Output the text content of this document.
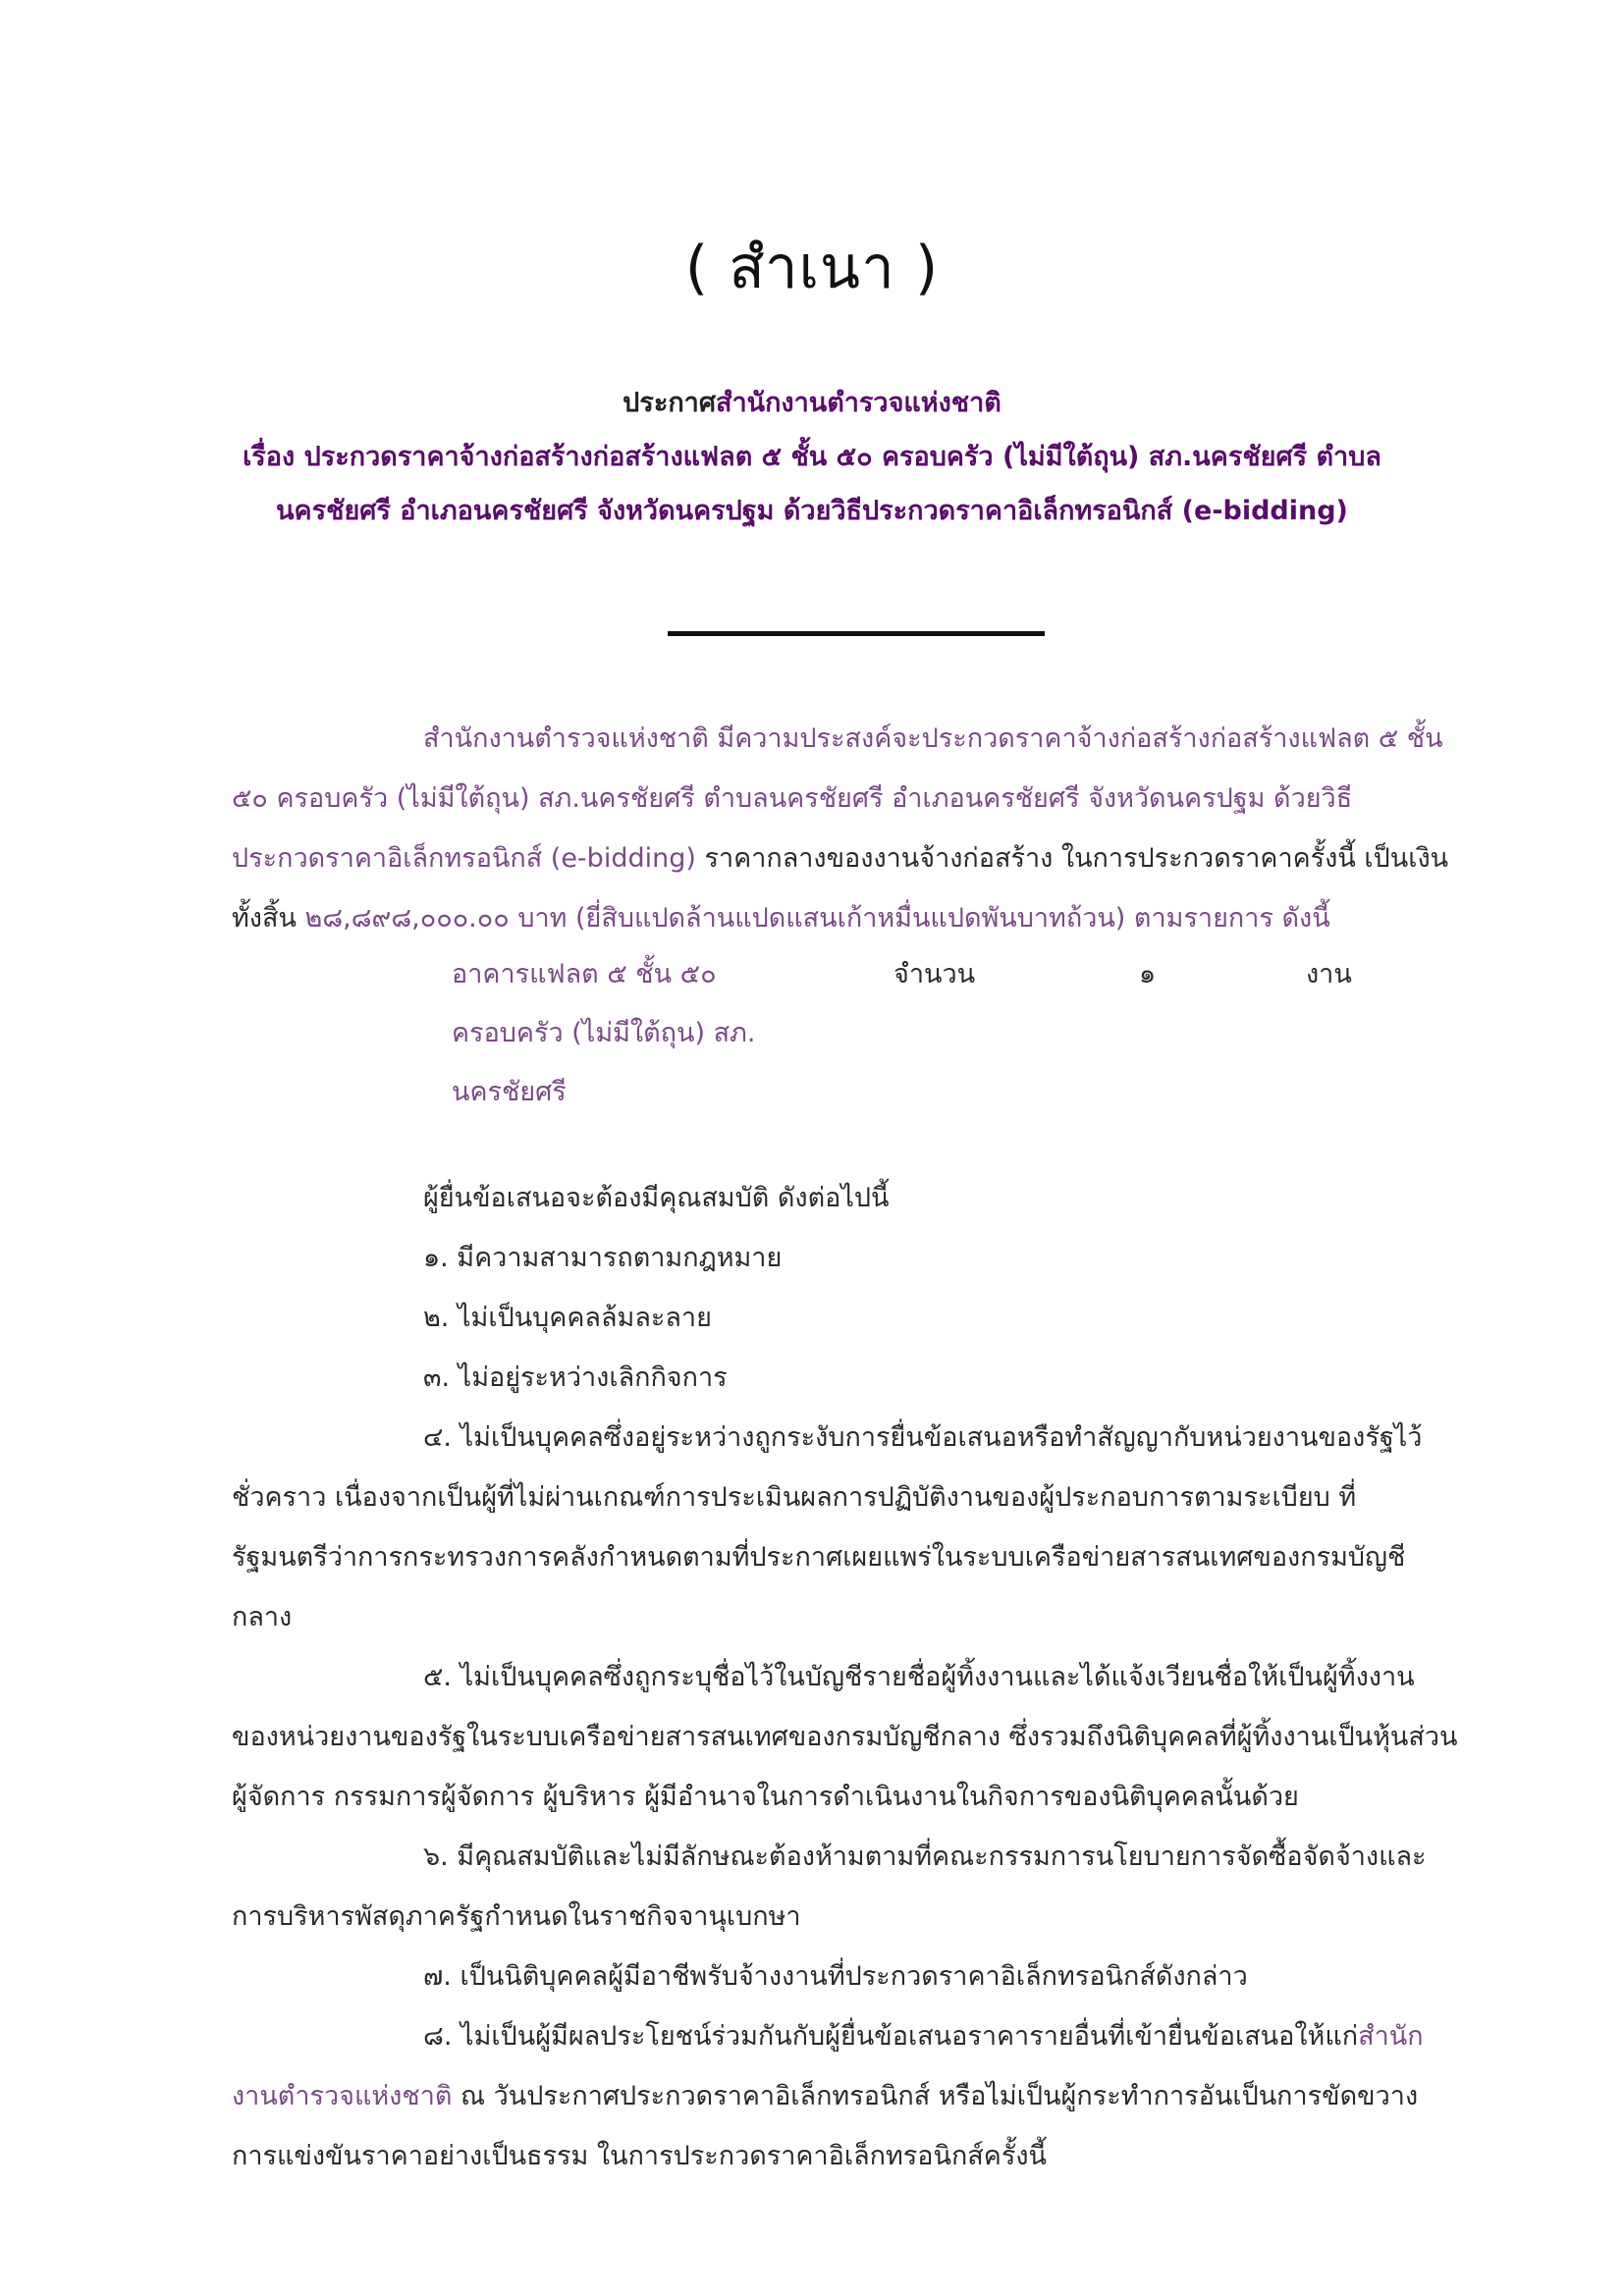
( สำเนา )
ประกาศสำนักงานตำรวจแห่งชาติ
เรื่อง ประกวดราคาจ้างก่อสร้างก่อสร้างแฟลต ๕ ชั้น ๕๐ ครอบครัว (ไม่มีใต้ถุน) สภ.นครชัยศรี ตำบล
นครชัยศรี อำเภอนครชัยศรี จังหวัดนครปฐม ด้วยวิธีประกวดราคาอิเล็กทรอนิกส์ (e-bidding)
สำนักงานตำรวจแห่งชาติ มีความประสงค์จะประกวดราคาจ้างก่อสร้างก่อสร้างแฟลต ๕ ชั้น
๕๐ ครอบครัว (ไม่มีใต้ถุน) สภ.นครชัยศรี ตำบลนครชัยศรี อำเภอนครชัยศรี จังหวัดนครปฐม ด้วยวิธี
ประกวดราคาอิเล็กทรอนิกส์ (e-bidding) ราคากลางของงานจ้างก่อสร้าง ในการประกวดราคาครั้งนี้ เป็นเงิน
ทั้งสิ้น ๒๘,๘๙๘,๐๐๐.๐๐ บาท (ยี่สิบแปดล้านแปดแสนเก้าหมื่นแปดพันบาทถ้วน) ตามรายการ ดังนี้
อาคารแฟลต ๕ ชั้น ๕๐	จำนวน	๑	งาน
ครอบครัว (ไม่มีใต้ถุน) สภ.
นครชัยศรี
ผู้ยื่นข้อเสนอจะต้องมีคุณสมบัติ ดังต่อไปนี้
๑. มีความสามารถตามกฎหมาย
๒. ไม่เป็นบุคคลล้มละลาย
๓. ไม่อยู่ระหว่างเลิกกิจการ
๔. ไม่เป็นบุคคลซึ่งอยู่ระหว่างถูกระงับการยื่นข้อเสนอหรือทำสัญญากับหน่วยงานของรัฐไว้
ชั่วคราว เนื่องจากเป็นผู้ที่ไม่ผ่านเกณฑ์การประเมินผลการปฏิบัติงานของผู้ประกอบการตามระเบียบ ที่
รัฐมนตรีว่าการกระทรวงการคลังกำหนดตามที่ประกาศเผยแพร่ในระบบเครือข่ายสารสนเทศของกรมบัญชี
กลาง
๕. ไม่เป็นบุคคลซึ่งถูกระบุชื่อไว้ในบัญชีรายชื่อผู้ทิ้งงานและได้แจ้งเวียนชื่อให้เป็นผู้ทิ้งงาน
ของหน่วยงานของรัฐในระบบเครือข่ายสารสนเทศของกรมบัญชีกลาง ซึ่งรวมถึงนิติบุคคลที่ผู้ทิ้งงานเป็นหุ้นส่วน
ผู้จัดการ กรรมการผู้จัดการ ผู้บริหาร ผู้มีอำนาจในการดำเนินงานในกิจการของนิติบุคคลนั้นด้วย
๖. มีคุณสมบัติและไม่มีลักษณะต้องห้ามตามที่คณะกรรมการนโยบายการจัดซื้อจัดจ้างและ
การบริหารพัสดุภาครัฐกำหนดในราชกิจจานุเบกษา
๗. เป็นนิติบุคคลผู้มีอาชีพรับจ้างงานที่ประกวดราคาอิเล็กทรอนิกส์ดังกล่าว
๘. ไม่เป็นผู้มีผลประโยชน์ร่วมกันกับผู้ยื่นข้อเสนอราคารายอื่นที่เข้ายื่นข้อเสนอให้แก่สำนัก
งานตำรวจแห่งชาติ ณ วันประกาศประกวดราคาอิเล็กทรอนิกส์ หรือไม่เป็นผู้กระทำการอันเป็นการขัดขวาง
การแข่งขันราคาอย่างเป็นธรรม ในการประกวดราคาอิเล็กทรอนิกส์ครั้งนี้
